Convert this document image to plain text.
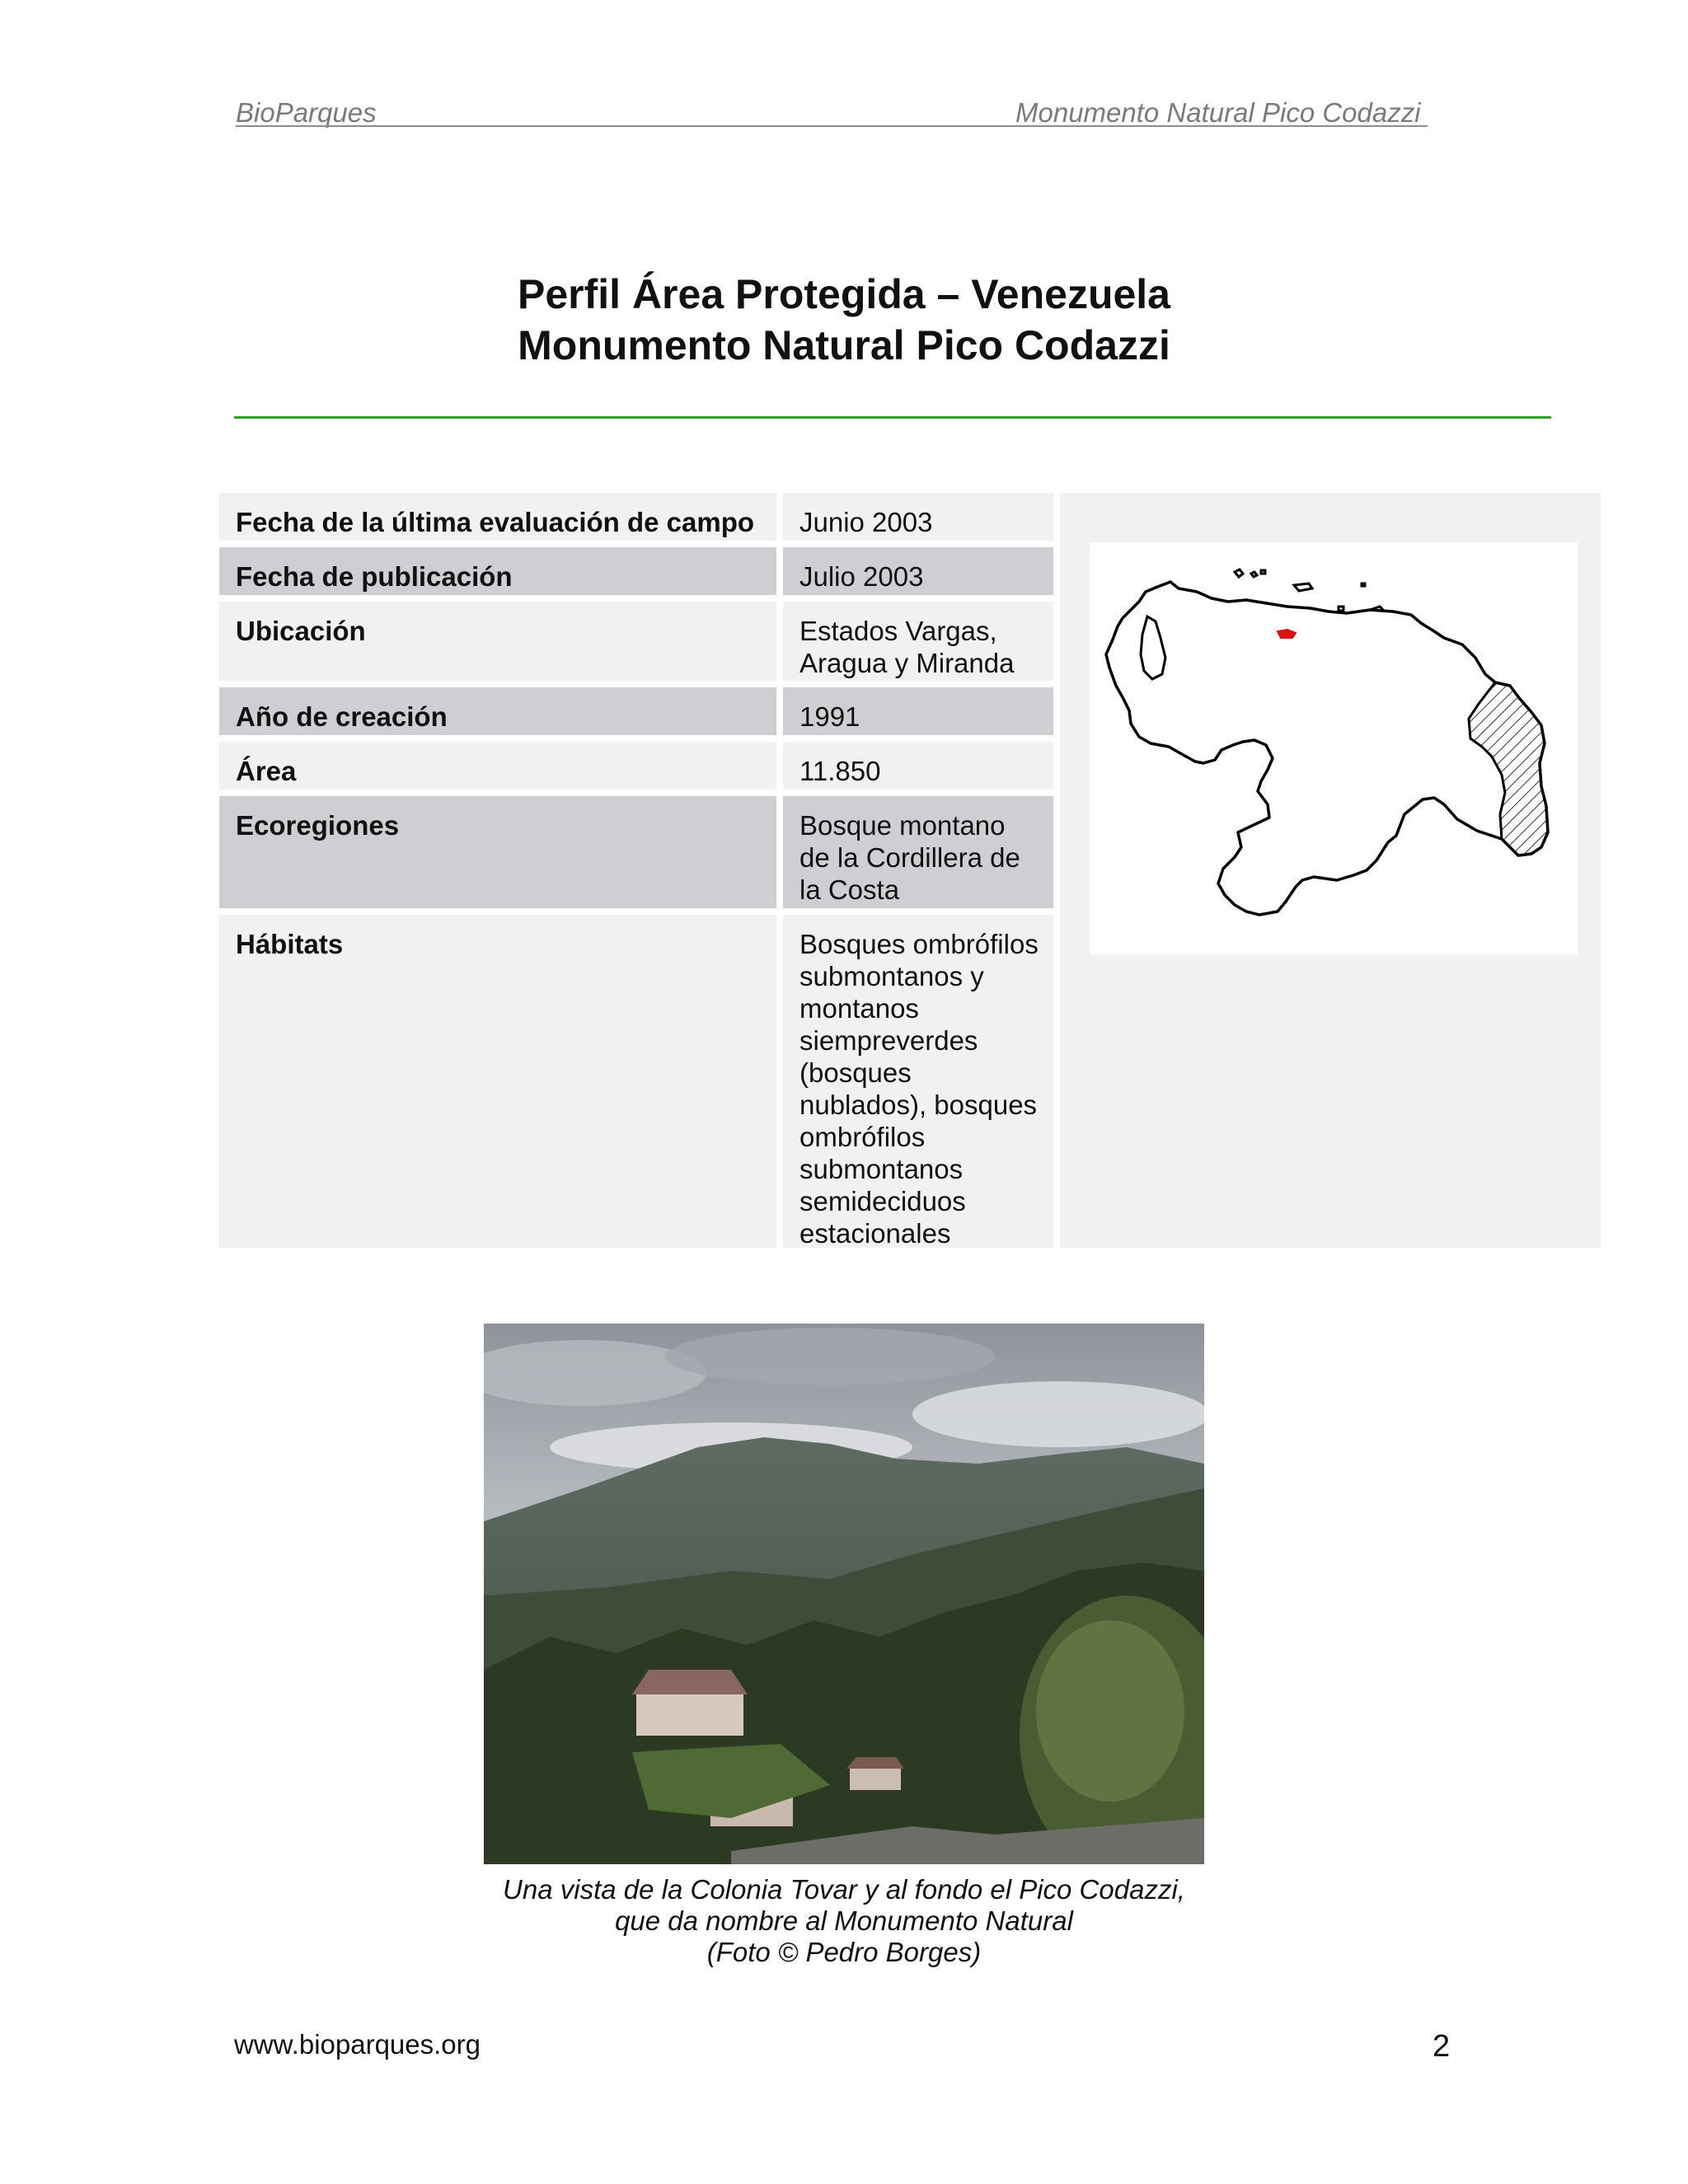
BioParques	Monumento Natural Pico Codazzi
Perfil Área Protegida – Venezuela
Monumento Natural Pico Codazzi
Fecha de la última evaluación de campo	Junio 2003
Fecha de publicación	Julio 2003
Ubicación	Estados Vargas,
Aragua y Miranda
Año de creación	1991
Área	11.850
Ecoregiones	Bosque montano
de la Cordillera de
la Costa
Hábitats	Bosques ombrófilos
submontanos y
montanos
siempreverdes
(bosques
nublados), bosques
ombrófilos
submontanos
semideciduos
estacionales
Una vista de la Colonia Tovar y al fondo el Pico Codazzi,
que da nombre al Monumento Natural
(Foto © Pedro Borges)
www.bioparques.org	2
